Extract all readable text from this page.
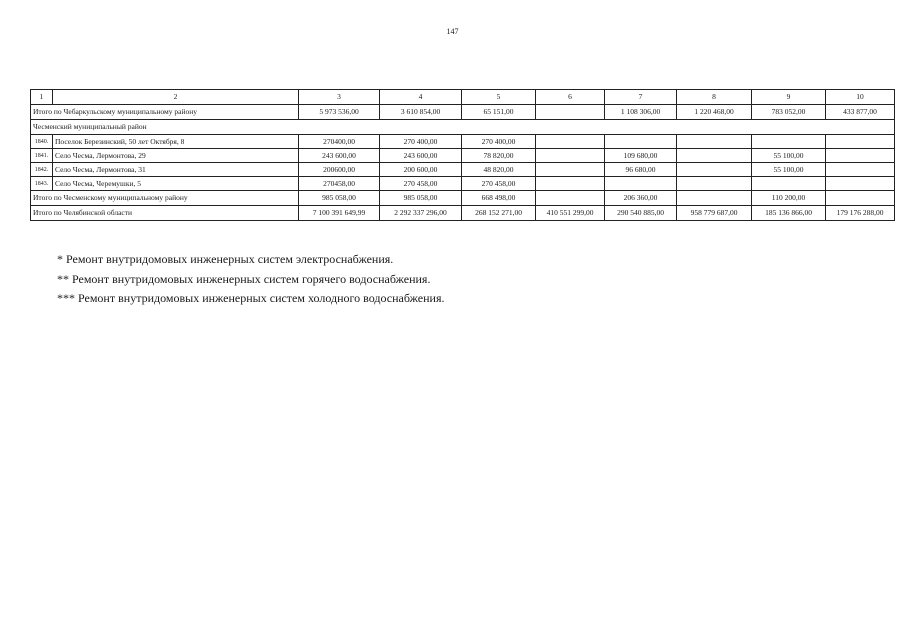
147
1	2	3	4	5	6	7	8	9	10
Итого по Чебаркульскому муниципальному району		5 973 536,00	3 610 854,00	65 151,00		1 108 306,00	1 220 468,00	783 052,00	433 877,00
Чесменский муниципальный район									
1840.	Поселок Березинский, 50 лет Октября, 8	270400,00	270 400,00	270 400,00					
1841.	Село Чесма, Лермонтова, 29	243 600,00	243 600,00	78 820,00		109 680,00		55 100,00	
1842.	Село Чесма, Лермонтова, 31	200600,00	200 600,00	48 820,00		96 680,00		55 100,00	
1843.	Село Чесма, Черемушки, 5	270458,00	270 458,00	270 458,00					
Итого по Чесменскому муниципальному району		985 058,00	985 058,00	668 498,00		206 360,00		110 200,00	
Итого по Челябинской области		7 100 391 649,99	2 292 337 296,00	268 152 271,00	410 551 299,00	290 540 885,00	958 779 687,00	185 136 866,00	179 176 288,00
* Ремонт внутридомовых инженерных систем электроснабжения.
** Ремонт внутридомовых инженерных систем горячего водоснабжения.
*** Ремонт внутридомовых инженерных систем холодного водоснабжения.
